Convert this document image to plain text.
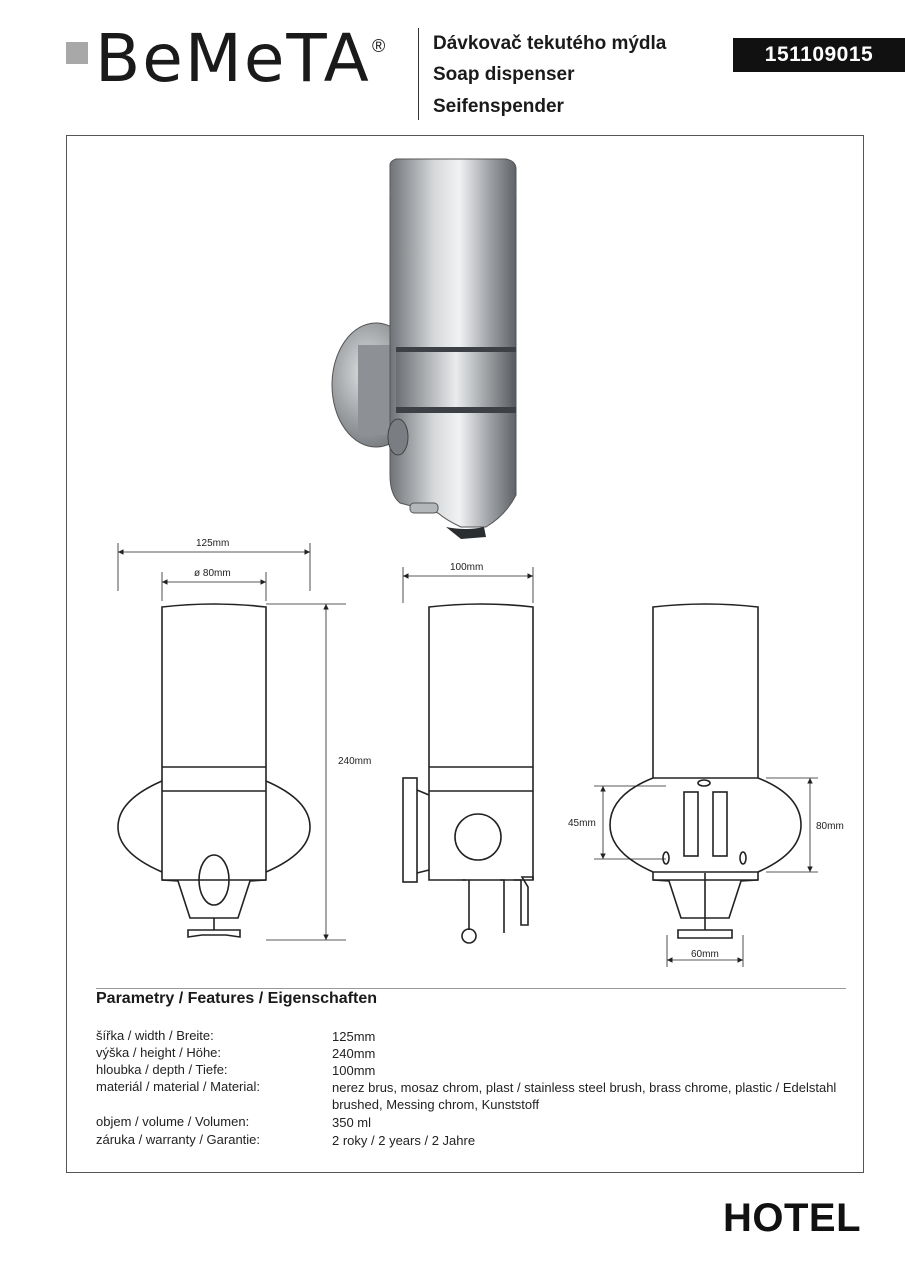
BeMeTA ®	Dávkovač tekutého mýdla
Soap dispenser
Seifenspender
151109015
125mm
ø 80mm
240mm
100mm
45mm	80mm
60mm
Parametry / Features / Eigenschaften
šířka / width / Breite:	125mm
výška / height / Höhe:	240mm
hloubka / depth / Tiefe:	100mm
materiál / material / Material:	nerez brus, mosaz chrom, plast / stainless steel brush, brass chrome, plastic / Edelstahl brushed, Messing chrom, Kunststoff
objem / volume / Volumen:	350 ml
záruka / warranty / Garantie:	2 roky / 2 years / 2 Jahre
HOTEL
